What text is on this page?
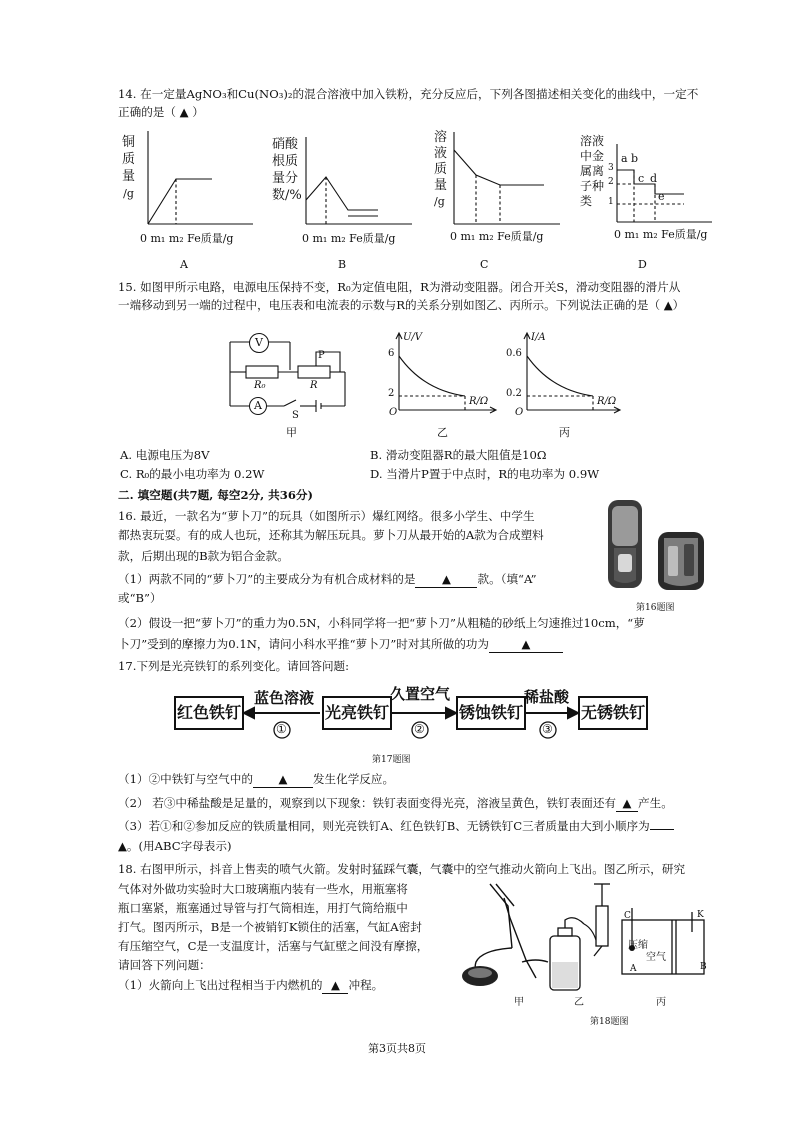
14. 在一定量AgNO₃和Cu(NO₃)₂的混合溶液中加入铁粉，充分反应后，下列各图描述相关变化的曲线中，一定不
正确的是（ ▲ ）
铜
质
量
/g
0 m₁ m₂ Fe质量/g
A
硝酸
根质
量分
数/%
0 m₁ m₂ Fe质量/g
B
溶
液
质
量
/g
0 m₁ m₂ Fe质量/g
C
溶液
中金
属离
子种
类
a b
c d
e
3
2
1
0 m₁ m₂ Fe质量/g
D
15. 如图甲所示电路，电源电压保持不变，R₀为定值电阻，R为滑动变阻器。闭合开关S，滑动变阻器的滑片从
一端移动到另一端的过程中，电压表和电流表的示数与R的关系分别如图乙、丙所示。下列说法正确的是（ ▲）
V
A
P
R₀	R
S
甲
U/V
R/Ω
6
2
O
乙
I/A
R/Ω
0.6
0.2
O
丙
A. 电源电压为8V	B. 滑动变阻器R的最大阻值是10Ω
C. R₀的最小电功率为 0.2W	D. 当滑片P置于中点时，R的电功率为 0.9W
二. 填空题(共7题, 每空2分, 共36分)
16. 最近，一款名为“萝卜刀”的玩具（如图所示）爆红网络。很多小学生、中学生
都热衷玩耍。有的成人也玩，还称其为解压玩具。萝卜刀从最开始的A款为合成塑料
款，后期出现的B款为铝合金款。
（1）两款不同的“萝卜刀”的主要成分为有机合成材料的是 ▲ 款。（填“A”
或“B”）
第16题图
（2）假设一把“萝卜刀”的重力为0.5N，小科同学将一把“萝卜刀”从粗糙的砂纸上匀速推过10cm，“萝
卜刀”受到的摩擦力为0.1N，请问小科水平推“萝卜刀”时对其所做的功为	▲
17.下列是光亮铁钉的系列变化。请回答问题:
红色铁钉	光亮铁钉	锈蚀铁钉	无锈铁钉
蓝色溶液	久置空气	稀盐酸
①	②	③
第17题图
（1）②中铁钉与空气中的 ▲ 发生化学反应。
（2） 若③中稀盐酸是足量的，观察到以下现象：铁钉表面变得光亮，溶液呈黄色，铁钉表面还有 ▲ 产生。
（3）若①和②参加反应的铁质量相同，则光亮铁钉A、红色铁钉B、无锈铁钉C三者质量由大到小顺序为
▲。(用ABC字母表示)
18. 右图甲所示，抖音上售卖的喷气火箭。发射时猛踩气囊，气囊中的空气推动火箭向上飞出。图乙所示，研究
气体对外做功实验时大口玻璃瓶内装有一些水，用瓶塞将
瓶口塞紧，瓶塞通过导管与打气筒相连，用打气筒给瓶中
打气。图丙所示，B是一个被销钉K锁住的活塞，气缸A密封
有压缩空气，C是一支温度计，活塞与气缸壁之间没有摩擦，
请回答下列问题：
（1）火箭向上飞出过程相当于内燃机的 ▲ 冲程。
甲	乙
C	K
压缩
空气
A	B
丙
第18题图
第3页共8页
